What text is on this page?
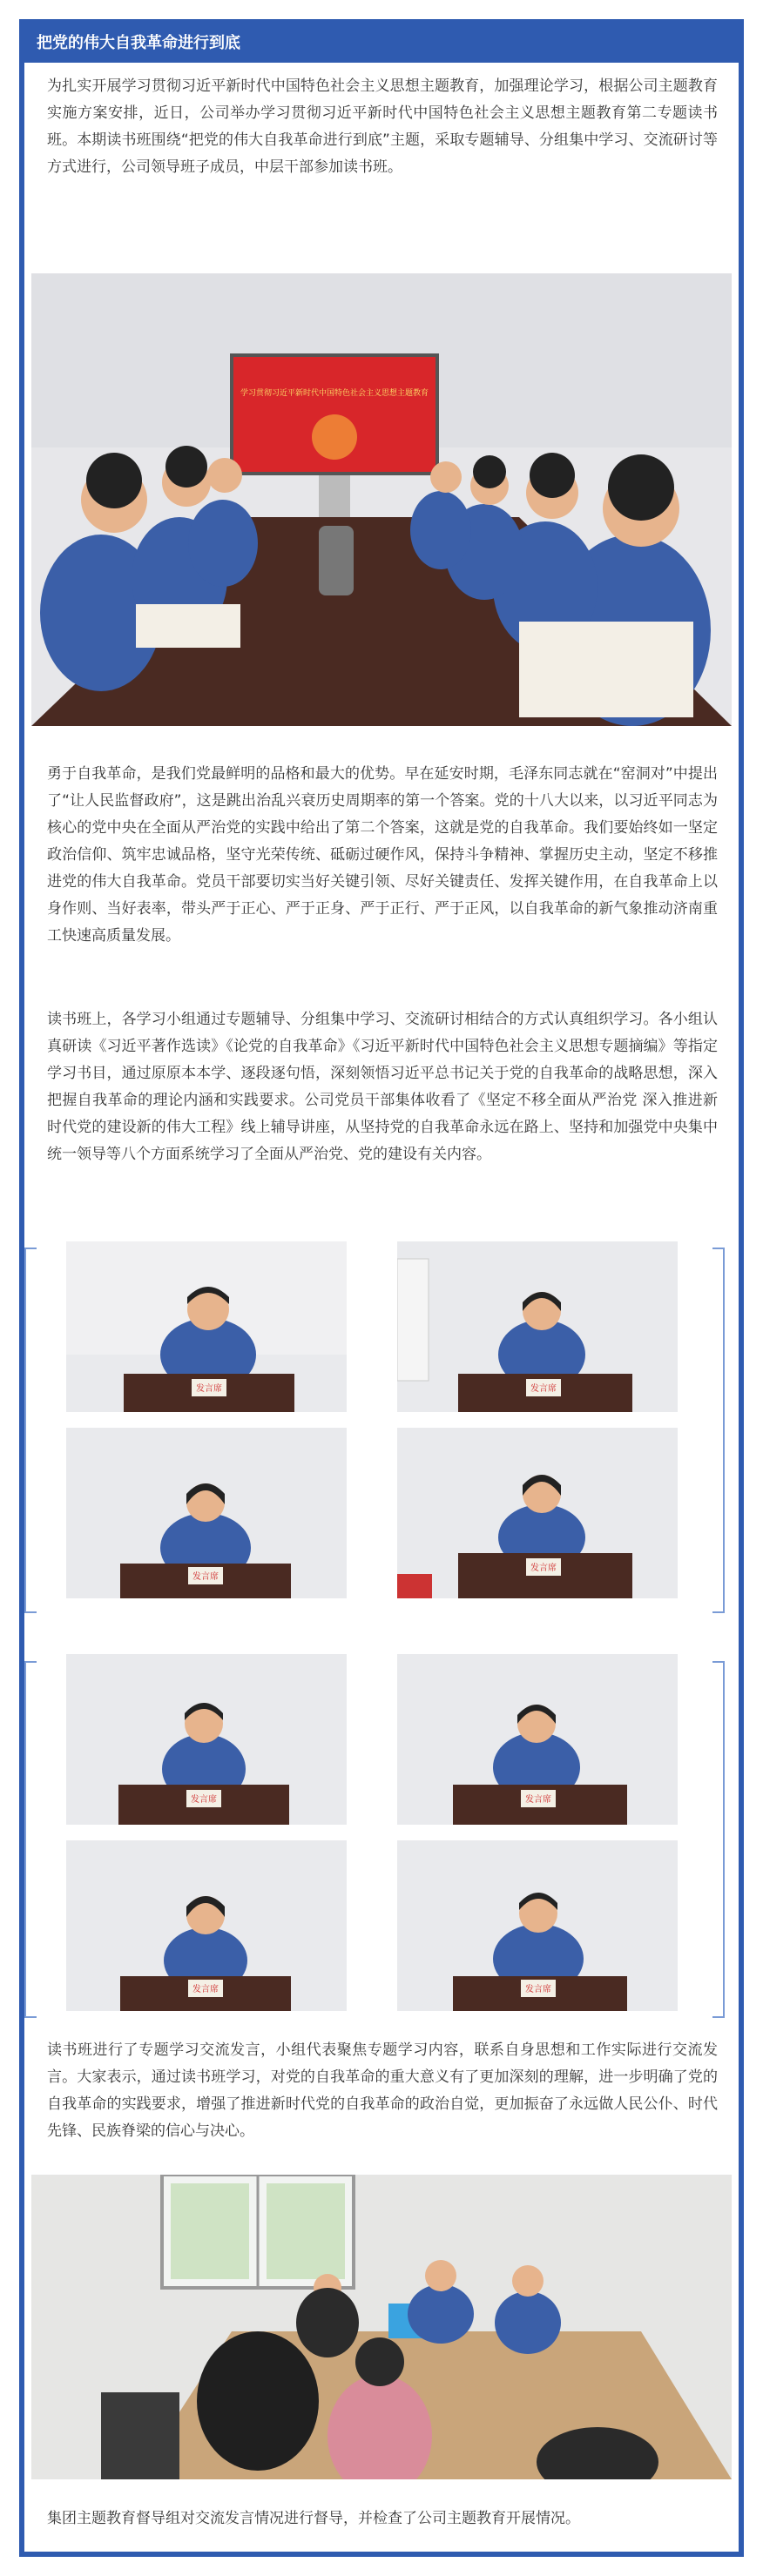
把党的伟大自我革命进行到底

为扎实开展学习贯彻习近平新时代中国特色社会主义思想主题教育，加强理论学习，根据公司主题教育实施方案安排，近日，公司举办学习贯彻习近平新时代中国特色社会主义思想主题教育第二专题读书班。本期读书班围绕“把党的伟大自我革命进行到底”主题，采取专题辅导、分组集中学习、交流研讨等方式进行，公司领导班子成员，中层干部参加读书班。

学习贯彻习近平新时代中国特色社会主义思想主题教育

勇于自我革命，是我们党最鲜明的品格和最大的优势。早在延安时期，毛泽东同志就在“窑洞对”中提出了“让人民监督政府”，这是跳出治乱兴衰历史周期率的第一个答案。党的十八大以来，以习近平同志为核心的党中央在全面从严治党的实践中给出了第二个答案，这就是党的自我革命。我们要始终如一坚定政治信仰、筑牢忠诚品格，坚守光荣传统、砥砺过硬作风，保持斗争精神、掌握历史主动，坚定不移推进党的伟大自我革命。党员干部要切实当好关键引领、尽好关键责任、发挥关键作用，在自我革命上以身作则、当好表率，带头严于正心、严于正身、严于正行、严于正风，以自我革命的新气象推动济南重工快速高质量发展。

读书班上，各学习小组通过专题辅导、分组集中学习、交流研讨相结合的方式认真组织学习。各小组认真研读《习近平著作选读》《论党的自我革命》《习近平新时代中国特色社会主义思想专题摘编》等指定学习书目，通过原原本本学、逐段逐句悟，深刻领悟习近平总书记关于党的自我革命的战略思想，深入把握自我革命的理论内涵和实践要求。公司党员干部集体收看了《坚定不移全面从严治党 深入推进新时代党的建设新的伟大工程》线上辅导讲座，从坚持党的自我革命永远在路上、坚持和加强党中央集中统一领导等八个方面系统学习了全面从严治党、党的建设有关内容。

发言席	发言席
发言席
发言席
发言席	发言席
发言席	发言席

读书班进行了专题学习交流发言，小组代表聚焦专题学习内容，联系自身思想和工作实际进行交流发言。大家表示，通过读书班学习，对党的自我革命的重大意义有了更加深刻的理解，进一步明确了党的自我革命的实践要求，增强了推进新时代党的自我革命的政治自觉，更加振奋了永远做人民公仆、时代先锋、民族脊梁的信心与决心。

集团主题教育督导组对交流发言情况进行督导，并检查了公司主题教育开展情况。
